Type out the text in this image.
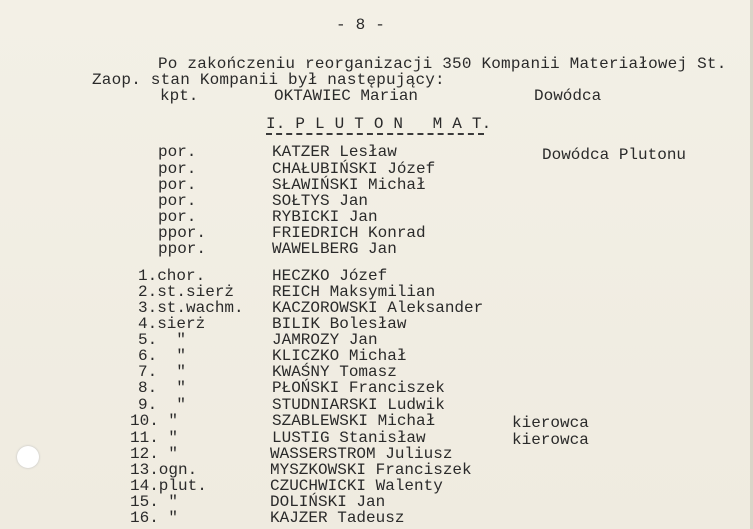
- 8 -
Po zakończeniu reorganizacji 350 Kompanii Materiałowej St.
Zaop. stan Kompanii był następujący:
kpt.	OKTAWIEC Marian	Dowódca
I. P L U T O N   M A T.
por.	KATZER Lesław	Dowódca Plutonu
por.	CHAŁUBIŃSKI Józef
por.	SŁAWIŃSKI Michał
por.	SOŁTYS Jan
por.	RYBICKI Jan
ppor.	FRIEDRICH Konrad
ppor.	WAWELBERG Jan
1.chor.	HECZKO Józef
2.st.sierż REICH Maksymilian
3.st.wachm. KACZOROWSKI Aleksander
4.sierż	BILIK Bolesław
5.  "	JAMROZY Jan
6.  "	KLICZKO Michał
7.  "	KWAŚNY Tomasz
8.  "	PŁOŃSKI Franciszek
9.  "	STUDNIARSKI Ludwik
10. "	SZABLEWSKI Michał	kierowca
11. "	LUSTIG Stanisław	kierowca
12. "	WASSERSTROM Juliusz
13.ogn.	MYSZKOWSKI Franciszek
14.plut.	CZUCHWICKI Walenty
15. "	DOLIŃSKI Jan
16. "	KAJZER Tadeusz
